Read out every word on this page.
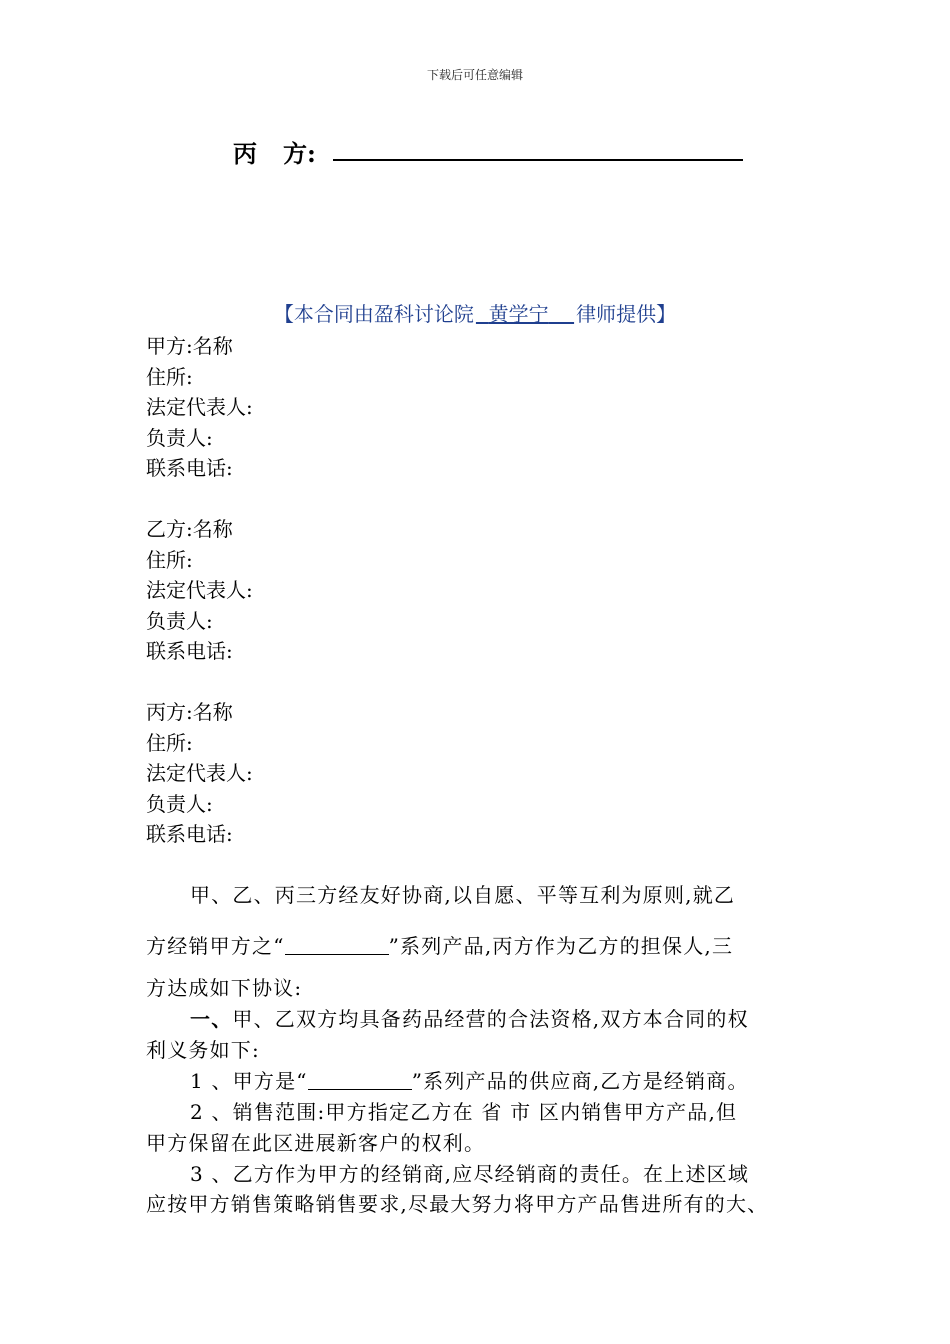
下载后可任意编辑
丙 方:
【本合同由盈科讨论院 黄学宁 律师提供】
甲方:名称
住所:
法定代表人:
负责人:
联系电话:
乙方:名称
住所:
法定代表人:
负责人:
联系电话:
丙方:名称
住所:
法定代表人:
负责人:
联系电话:
甲、乙、丙三方经友好协商,以自愿、平等互利为原则,就乙
方经销甲方之“	”系列产品,丙方作为乙方的担保人,三
方达成如下协议:
一、甲、乙双方均具备药品经营的合法资格,双方本合同的权
利义务如下:
1 、甲方是“	”系列产品的供应商,乙方是经销商。
2 、销售范围:甲方指定乙方在 省 市 区内销售甲方产品,但
甲方保留在此区进展新客户的权利。
3 、乙方作为甲方的经销商,应尽经销商的责任。在上述区域
应按甲方销售策略销售要求,尽最大努力将甲方产品售进所有的大、
